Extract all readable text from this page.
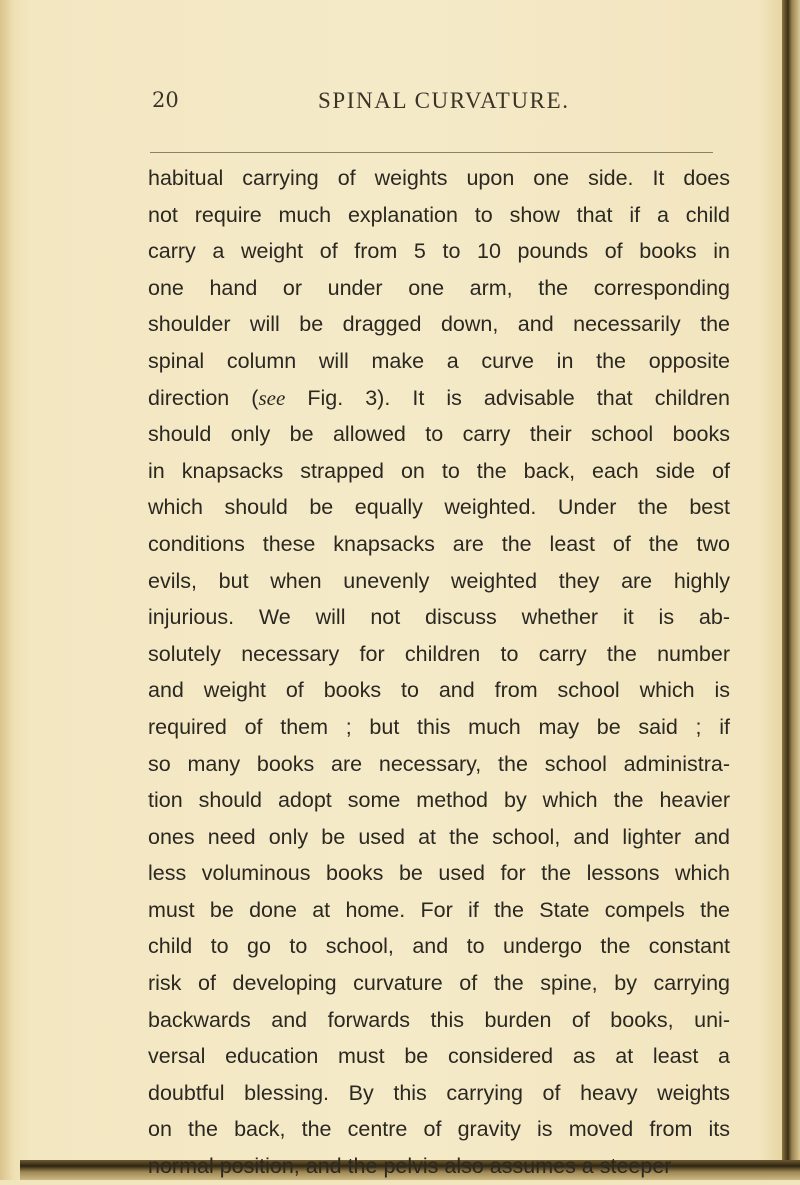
20	SPINAL CURVATURE.
habitual carrying of weights upon one side. It does
not require much explanation to show that if a child
carry a weight of from 5 to 10 pounds of books in
one hand or under one arm, the corresponding
shoulder will be dragged down, and necessarily the
spinal column will make a curve in the opposite
direction (see Fig. 3). It is advisable that children
should only be allowed to carry their school books
in knapsacks strapped on to the back, each side of
which should be equally weighted. Under the best
conditions these knapsacks are the least of the two
evils, but when unevenly weighted they are highly
injurious. We will not discuss whether it is ab-
solutely necessary for children to carry the number
and weight of books to and from school which is
required of them ; but this much may be said ; if
so many books are necessary, the school administra-
tion should adopt some method by which the heavier
ones need only be used at the school, and lighter and
less voluminous books be used for the lessons which
must be done at home. For if the State compels the
child to go to school, and to undergo the constant
risk of developing curvature of the spine, by carrying
backwards and forwards this burden of books, uni-
versal education must be considered as at least a
doubtful blessing. By this carrying of heavy weights
on the back, the centre of gravity is moved from its
normal position, and the pelvis also assumes a steeper
